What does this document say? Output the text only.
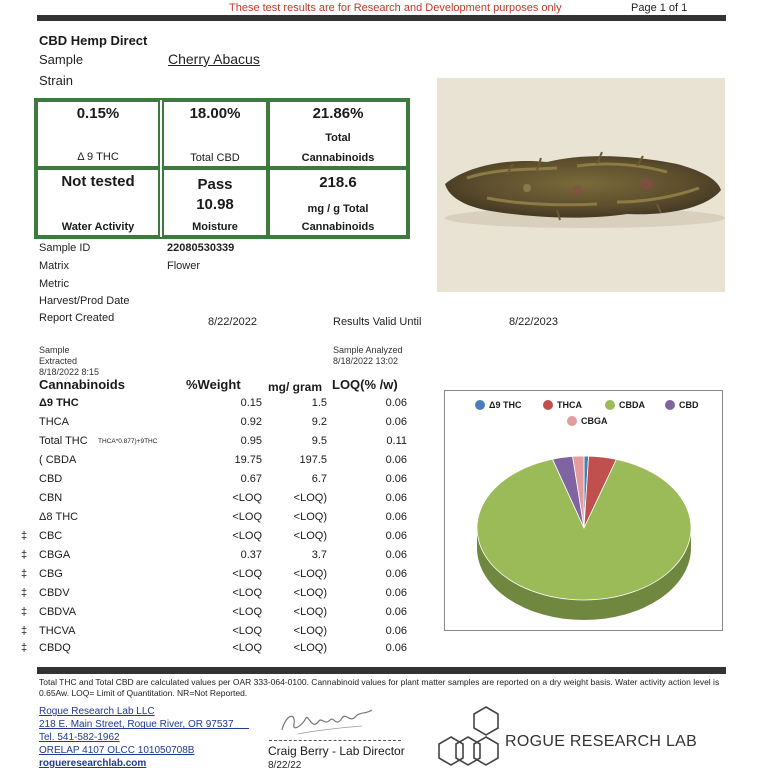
These test results are for Research and Development purposes only	Page 1 of 1
CBD Hemp Direct
Sample	Cherry Abacus
Strain
0.15%
Δ 9 THC
18.00%
Total CBD
21.86%
Total
Cannabinoids
Not tested
Water Activity
Pass
10.98
Moisture
218.6
mg / g Total
Cannabinoids
Sample ID	22080530339
Matrix	Flower
Metric
Harvest/Prod Date
Report Created	8/22/2022	Results Valid Until	8/22/2023
Sample
Extracted
8/18/2022 8:15
Sample Analyzed
8/18/2022 13:02
Cannabinoids	%Weight mg/ gram LOQ(% /w)
Δ9 THC	0.15	1.5	0.06
THCA	0.92	9.2	0.06
Total THC THCA*0.877)+9THC	0.95	9.5	0.11
( CBDA	19.75	197.5	0.06
CBD	0.67	6.7	0.06
CBN	<LOQ	<LOQ)	0.06
Δ8 THC	<LOQ	<LOQ)	0.06
‡ CBC	<LOQ	<LOQ)	0.06
‡ CBGA	0.37	3.7	0.06
‡ CBG	<LOQ	<LOQ)	0.06
‡ CBDV	<LOQ	<LOQ)	0.06
‡ CBDVA	<LOQ	<LOQ)	0.06
‡ THCVA	<LOQ	<LOQ)	0.06
‡ CBDQ	<LOQ	<LOQ)	0.06
Δ9 THC	THCA	CBDA	CBD
CBGA
Total THC and Total CBD are calculated values per OAR 333-064-0100. Cannabinoid values for plant matter samples are reported on a dry weight basis. Water activity action level is 0.65Aw. LOQ= Limit of Quantitation. NR=Not Reported.
Rogue Research Lab LLC
218 E. Main Street, Rogue River, OR 97537
Tel. 541-582-1962
ORELAP 4107 OLCC 101050708B
rogueresearchlab.com
Craig Berry - Lab Director
8/22/22
ROGUE RESEARCH LAB
